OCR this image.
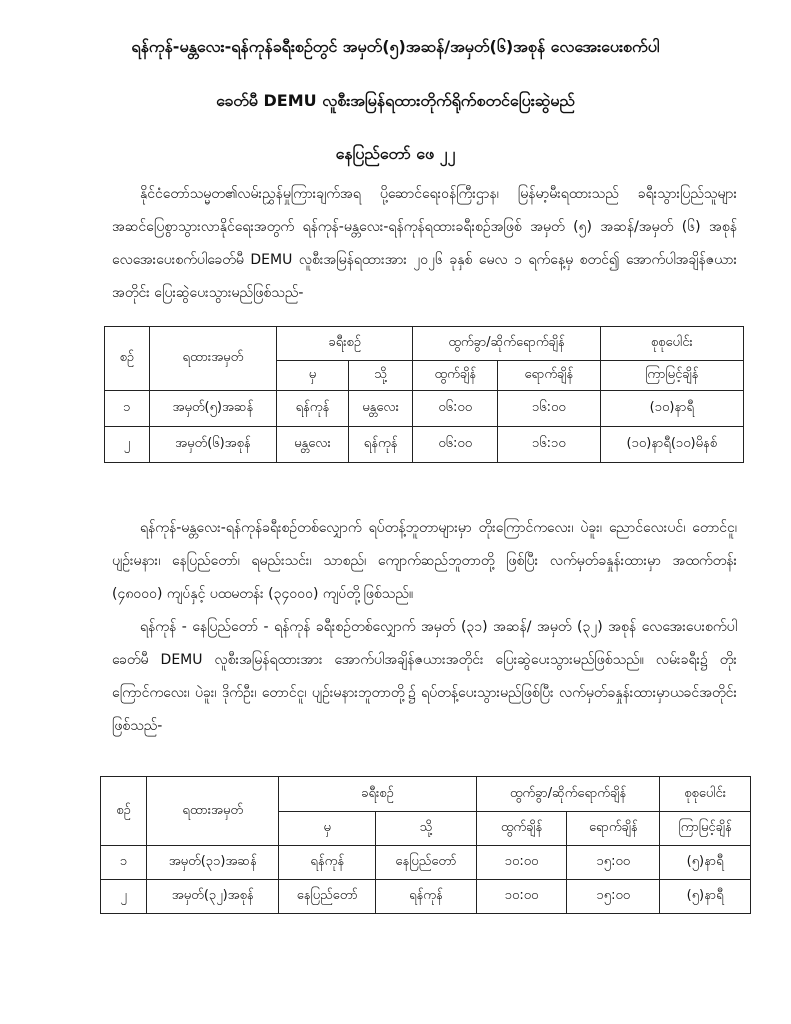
ရန်ကုန်-မန္တလေး-ရန်ကုန်ခရီးစဉ်တွင် အမှတ်(၅)အဆန်/အမှတ်(၆)အစုန် လေအေးပေးစက်ပါ
ခေတ်မီ DEMU လူစီးအမြန်ရထားတိုက်ရိုက်စတင်ပြေးဆွဲမည်
နေပြည်တော် ဖေ ၂၂
နိုင်ငံတော်သမ္မတ၏လမ်းညွှန်မှုကြားချက်အရ ပို့ဆောင်ရေးဝန်ကြီးဌာန၊ မြန်မာ့မီးရထားသည် ခရီးသွားပြည်သူများအဆင်ပြေစွာသွားလာနိုင်ရေးအတွက် ရန်ကုန်-မန္တလေး-ရန်ကုန်ရထားခရီးစဉ်အဖြစ် အမှတ် (၅) အဆန်/အမှတ် (၆) အစုန် လေအေးပေးစက်ပါခေတ်မီ DEMU လူစီးအမြန်ရထားအား ၂၀၂၆ ခုနှစ် မေလ ၁ ရက်နေ့မှ စတင်၍ အောက်ပါအချိန်ဇယားအတိုင်း ပြေးဆွဲပေးသွားမည်ဖြစ်သည်-
စဉ်	ရထားအမှတ်	ခရီးစဉ်		ထွက်ခွာ/ဆိုက်ရောက်ချိန်		စုစုပေါင်း
		မှ	သို့	ထွက်ချိန်	ရောက်ချိန်	ကြာမြင့်ချိန်
၁	အမှတ်(၅)အဆန်	ရန်ကုန်	မန္တလေး	၀၆:၀၀	၁၆:၀၀	(၁၀)နာရီ
၂	အမှတ်(၆)အစုန်	မန္တလေး	ရန်ကုန်	၀၆:၀၀	၁၆:၁၀	(၁၀)နာရီ(၁၀)မိနစ်
ရန်ကုန်-မန္တလေး-ရန်ကုန်ခရီးစဉ်တစ်လျှောက် ရပ်တန့်ဘူတာများမှာ တိုးကြောင်ကလေး၊ ပဲခူး၊ ညောင်လေးပင်၊ တောင်ငူ၊ ပျဉ်းမနား၊ နေပြည်တော်၊ ရမည်းသင်း၊ သာစည်၊ ကျောက်ဆည်ဘူတာတို့ ဖြစ်ပြီး လက်မှတ်ခနှုန်းထားမှာ အထက်တန်း (၄၈၀၀၀) ကျပ်နှင့် ပထမတန်း (၃၄၀၀၀) ကျပ်တို့ဖြစ်သည်။
ရန်ကုန် - နေပြည်တော် - ရန်ကုန် ခရီးစဉ်တစ်လျှောက် အမှတ် (၃၁) အဆန်/ အမှတ် (၃၂) အစုန် လေအေးပေးစက်ပါ ခေတ်မီ DEMU လူစီးအမြန်ရထားအား အောက်ပါအချိန်ဇယားအတိုင်း ပြေးဆွဲပေးသွားမည်ဖြစ်သည်။ လမ်းခရီး၌ တိုးကြောင်ကလေး၊ ပဲခူး၊ ဒိုက်ဦး၊ တောင်ငူ၊ ပျဉ်းမနားဘူတာတို့၌ ရပ်တန့်ပေးသွားမည်ဖြစ်ပြီး လက်မှတ်ခနှုန်းထားမှာယခင်အတိုင်းဖြစ်သည်-
စဉ်	ရထားအမှတ်	ခရီးစဉ်		ထွက်ခွာ/ဆိုက်ရောက်ချိန်		စုစုပေါင်း
		မှ	သို့	ထွက်ချိန်	ရောက်ချိန်	ကြာမြင့်ချိန်
၁	အမှတ်(၃၁)အဆန်	ရန်ကုန်	နေပြည်တော်	၁၀:၀၀	၁၅:၀၀	(၅)နာရီ
၂	အမှတ်(၃၂)အစုန်	နေပြည်တော်	ရန်ကုန်	၁၀:၀၀	၁၅:၀၀	(၅)နာရီ
